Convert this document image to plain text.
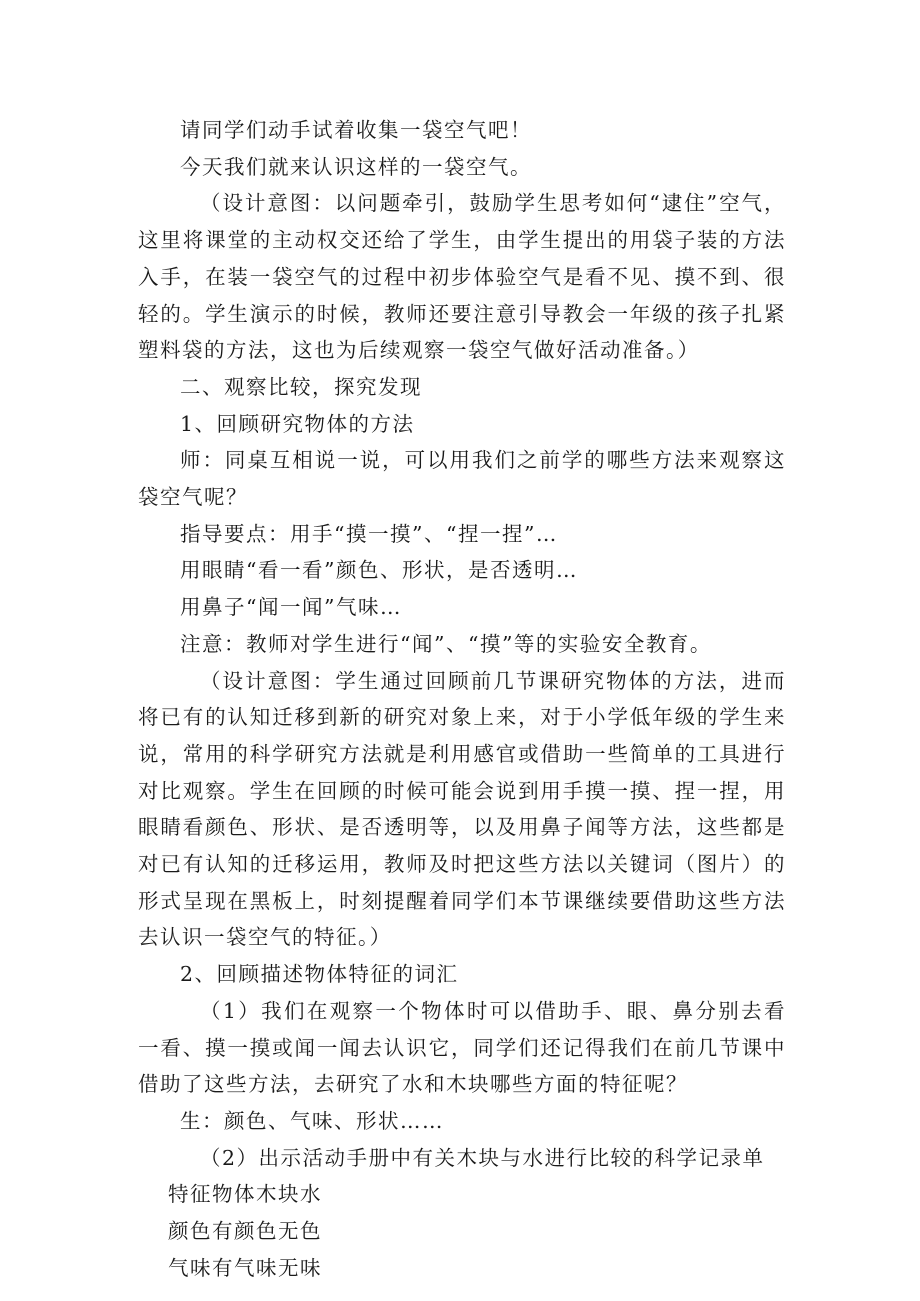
请同学们动手试着收集一袋空气吧！

今天我们就来认识这样的一袋空气。

（设计意图：以问题牵引，鼓励学生思考如何“逮住”空气，这里将课堂的主动权交还给了学生，由学生提出的用袋子装的方法入手，在装一袋空气的过程中初步体验空气是看不见、摸不到、很轻的。学生演示的时候，教师还要注意引导教会一年级的孩子扎紧塑料袋的方法，这也为后续观察一袋空气做好活动准备。）

二、观察比较，探究发现

1、回顾研究物体的方法

师：同桌互相说一说，可以用我们之前学的哪些方法来观察这袋空气呢？

指导要点：用手“摸一摸”、“捏一捏”…

用眼睛“看一看”颜色、形状，是否透明…

用鼻子“闻一闻”气味…

注意：教师对学生进行“闻”、“摸”等的实验安全教育。

（设计意图：学生通过回顾前几节课研究物体的方法，进而将已有的认知迁移到新的研究对象上来，对于小学低年级的学生来说，常用的科学研究方法就是利用感官或借助一些简单的工具进行对比观察。学生在回顾的时候可能会说到用手摸一摸、捏一捏，用眼睛看颜色、形状、是否透明等，以及用鼻子闻等方法，这些都是对已有认知的迁移运用，教师及时把这些方法以关键词（图片）的形式呈现在黑板上，时刻提醒着同学们本节课继续要借助这些方法去认识一袋空气的特征。）

2、回顾描述物体特征的词汇

（1）我们在观察一个物体时可以借助手、眼、鼻分别去看一看、摸一摸或闻一闻去认识它，同学们还记得我们在前几节课中借助了这些方法，去研究了水和木块哪些方面的特征呢？

生：颜色、气味、形状……

（2）出示活动手册中有关木块与水进行比较的科学记录单

特征物体木块水

颜色有颜色无色

气味有气味无味
